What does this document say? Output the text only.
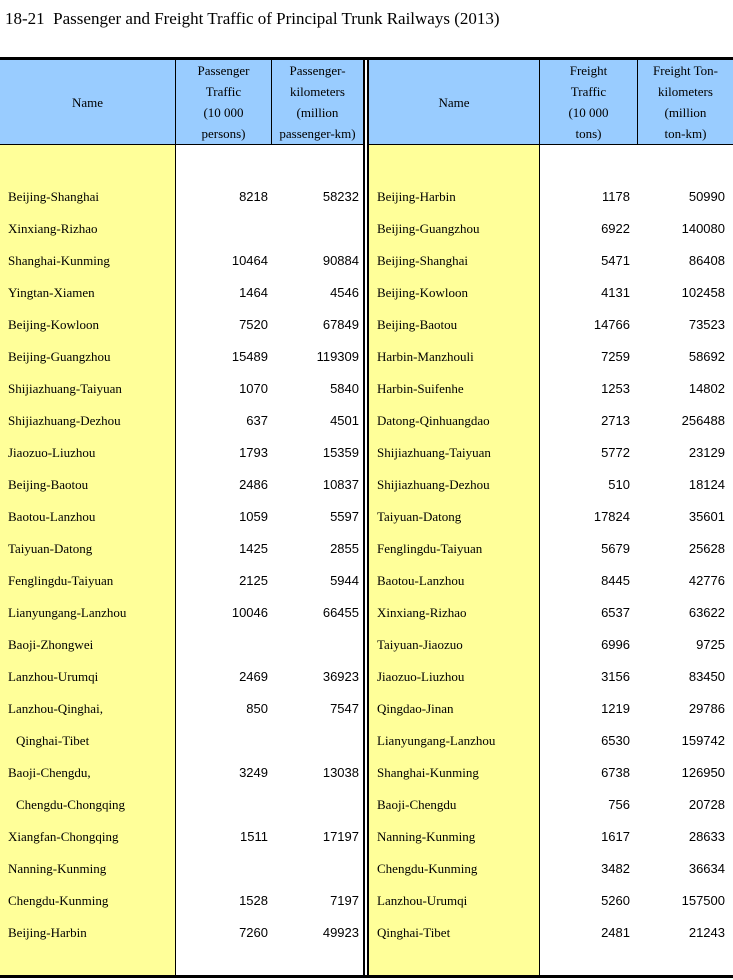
18-21  Passenger and Freight Traffic of Principal Trunk Railways (2013)
Name
Passenger
Traffic
(10 000
persons)
Passenger-
kilometers
(million
passenger-km)
Beijing-Shanghai
Xinxiang-Rizhao
Shanghai-Kunming
Yingtan-Xiamen
Beijing-Kowloon
Beijing-Guangzhou
Shijiazhuang-Taiyuan
Shijiazhuang-Dezhou
Jiaozuo-Liuzhou
Beijing-Baotou
Baotou-Lanzhou
Taiyuan-Datong
Fenglingdu-Taiyuan
Lianyungang-Lanzhou
Baoji-Zhongwei
Lanzhou-Urumqi
Lanzhou-Qinghai,
Qinghai-Tibet
Baoji-Chengdu,
Chengdu-Chongqing
Xiangfan-Chongqing
Nanning-Kunming
Chengdu-Kunming
Beijing-Harbin
8218
10464
1464
7520
15489
1070
637
1793
2486
1059
1425
2125
10046
2469
850
3249
1511
1528
7260
58232
90884
4546
67849
119309
5840
4501
15359
10837
5597
2855
5944
66455
36923
7547
13038
17197
7197
49923
Name
Freight
Traffic
(10 000
tons)
Freight Ton-
kilometers
(million
ton-km)
Beijing-Harbin
Beijing-Guangzhou
Beijing-Shanghai
Beijing-Kowloon
Beijing-Baotou
Harbin-Manzhouli
Harbin-Suifenhe
Datong-Qinhuangdao
Shijiazhuang-Taiyuan
Shijiazhuang-Dezhou
Taiyuan-Datong
Fenglingdu-Taiyuan
Baotou-Lanzhou
Xinxiang-Rizhao
Taiyuan-Jiaozuo
Jiaozuo-Liuzhou
Qingdao-Jinan
Lianyungang-Lanzhou
Shanghai-Kunming
Baoji-Chengdu
Nanning-Kunming
Chengdu-Kunming
Lanzhou-Urumqi
Qinghai-Tibet
1178
6922
5471
4131
14766
7259
1253
2713
5772
510
17824
5679
8445
6537
6996
3156
1219
6530
6738
756
1617
3482
5260
2481
50990
140080
86408
102458
73523
58692
14802
256488
23129
18124
35601
25628
42776
63622
9725
83450
29786
159742
126950
20728
28633
36634
157500
21243
